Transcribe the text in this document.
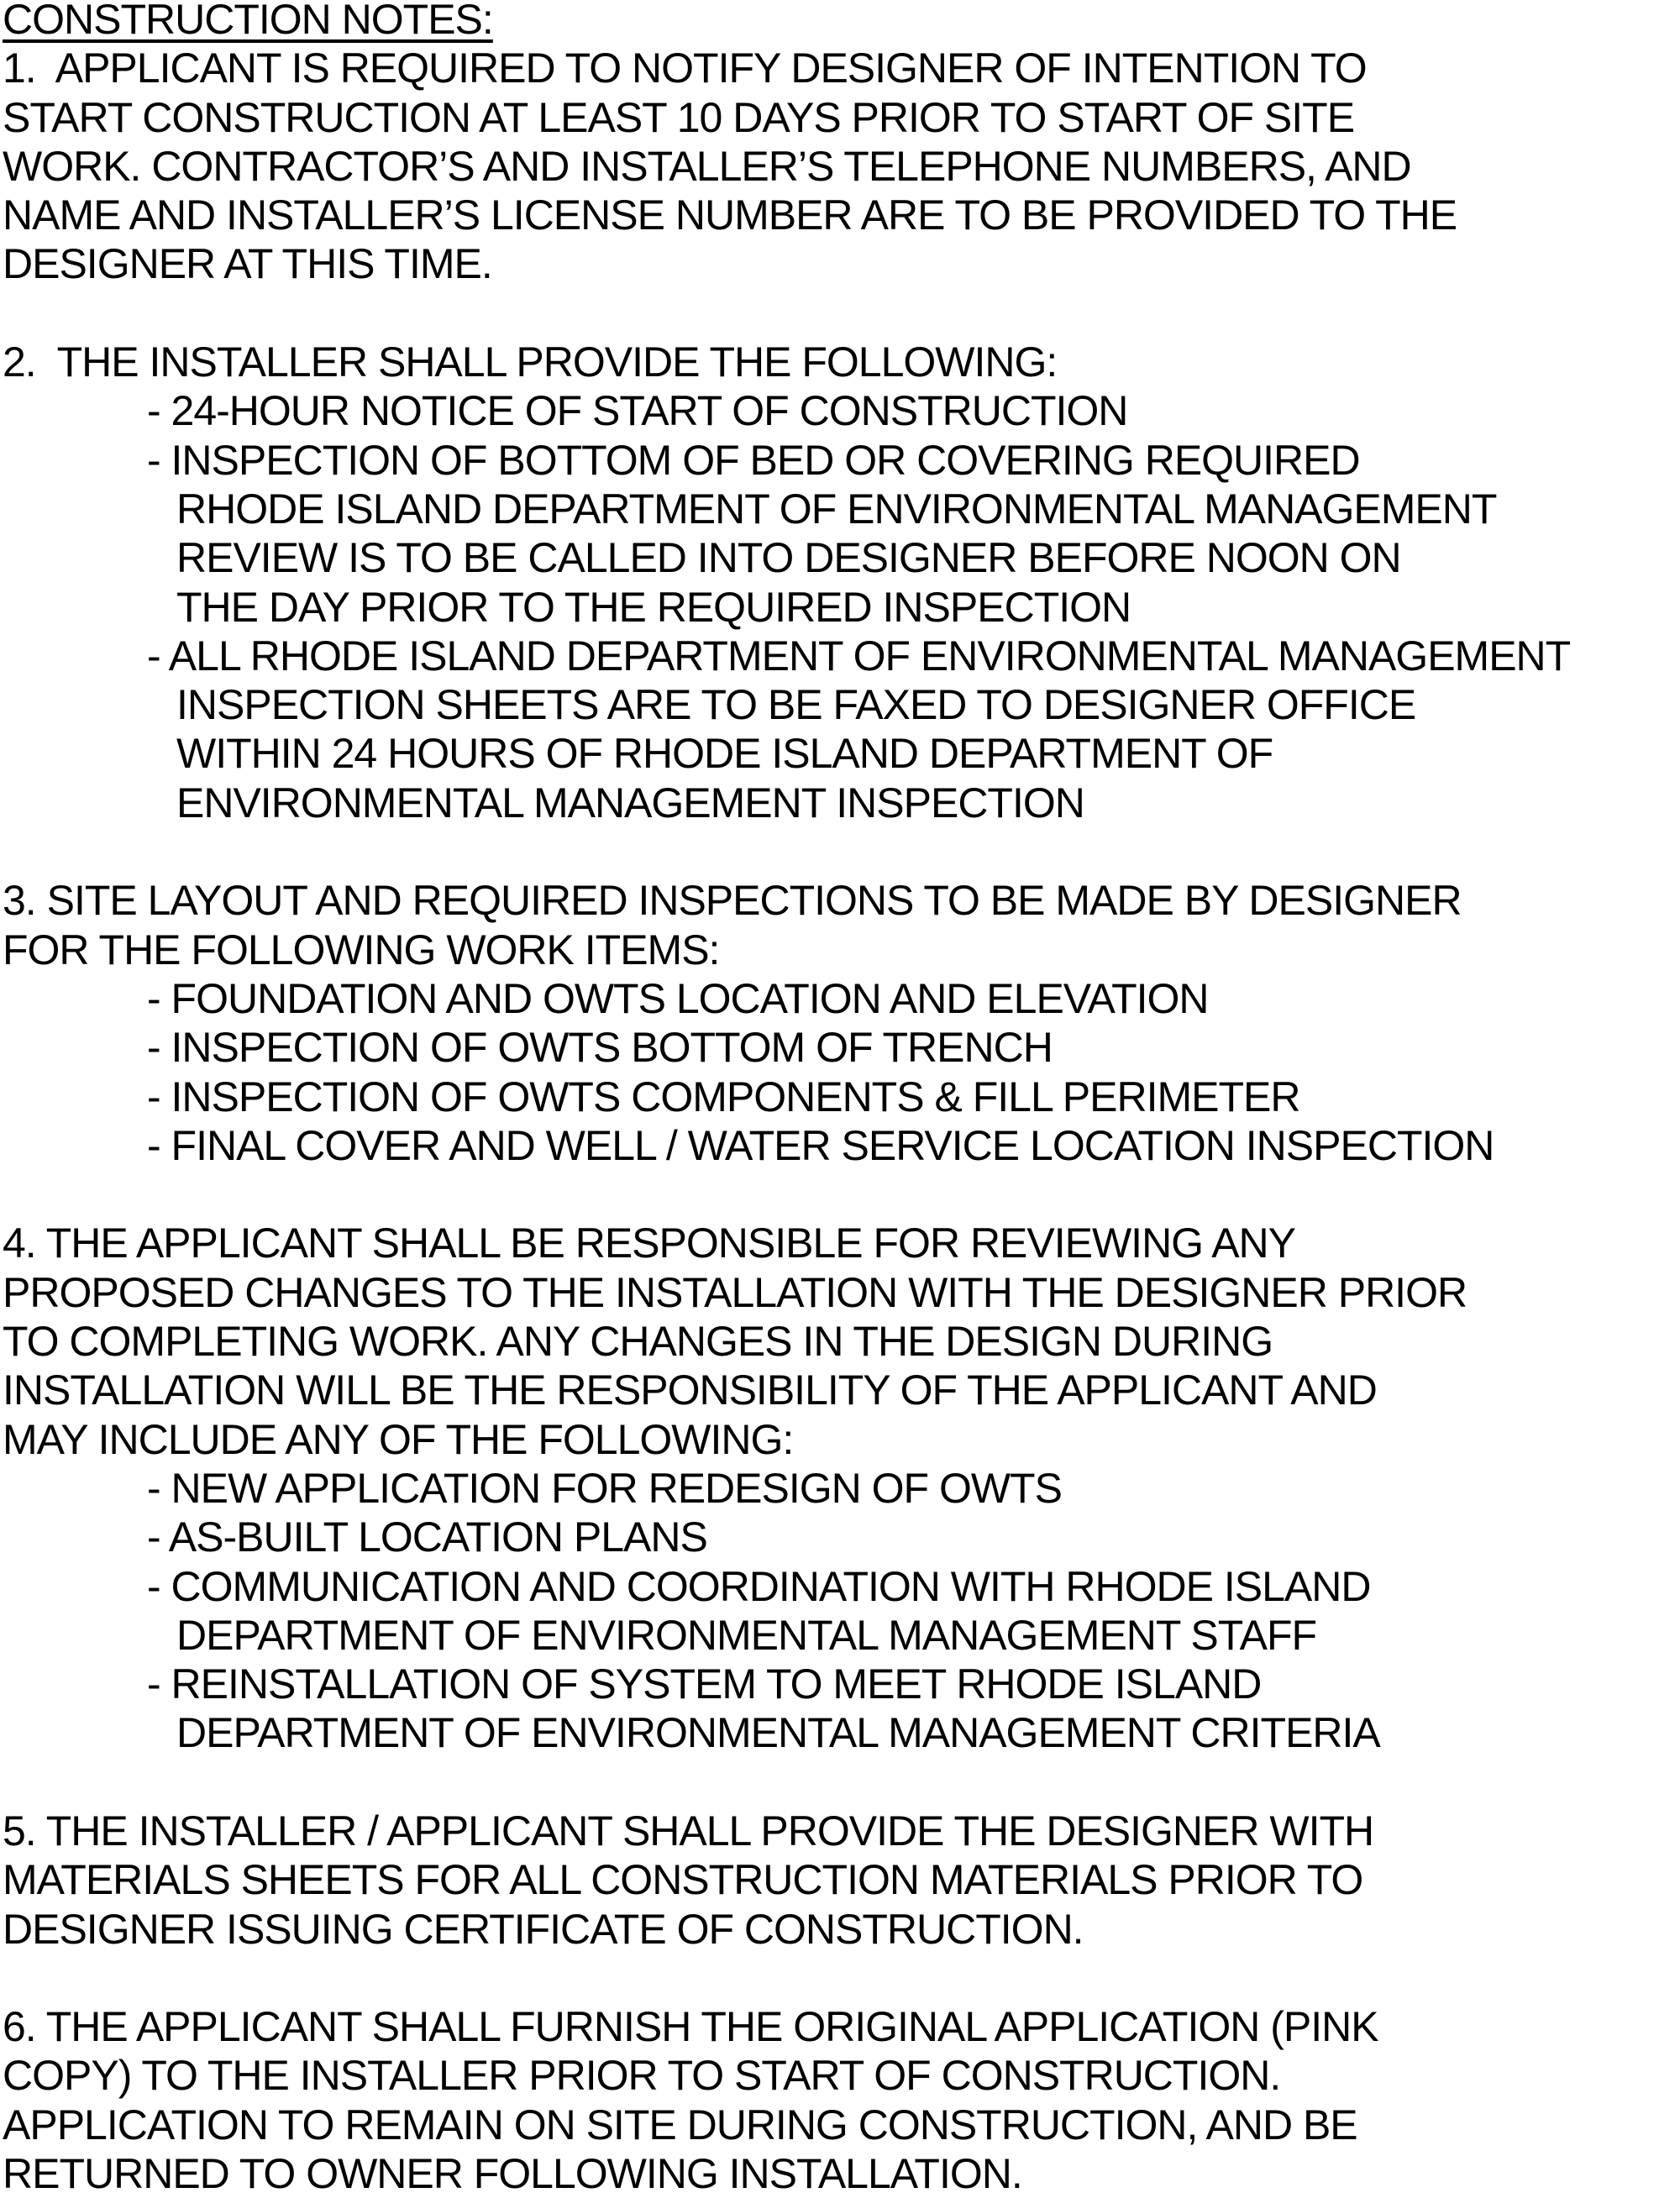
CONSTRUCTION NOTES:
1.  APPLICANT IS REQUIRED TO NOTIFY DESIGNER OF INTENTION TO
START CONSTRUCTION AT LEAST 10 DAYS PRIOR TO START OF SITE
WORK. CONTRACTOR’S AND INSTALLER’S TELEPHONE NUMBERS, AND
NAME AND INSTALLER’S LICENSE NUMBER ARE TO BE PROVIDED TO THE
DESIGNER AT THIS TIME.
2.  THE INSTALLER SHALL PROVIDE THE FOLLOWING:
- 24-HOUR NOTICE OF START OF CONSTRUCTION
- INSPECTION OF BOTTOM OF BED OR COVERING REQUIRED
RHODE ISLAND DEPARTMENT OF ENVIRONMENTAL MANAGEMENT
REVIEW IS TO BE CALLED INTO DESIGNER BEFORE NOON ON
THE DAY PRIOR TO THE REQUIRED INSPECTION
- ALL RHODE ISLAND DEPARTMENT OF ENVIRONMENTAL MANAGEMENT
INSPECTION SHEETS ARE TO BE FAXED TO DESIGNER OFFICE
WITHIN 24 HOURS OF RHODE ISLAND DEPARTMENT OF
ENVIRONMENTAL MANAGEMENT INSPECTION
3. SITE LAYOUT AND REQUIRED INSPECTIONS TO BE MADE BY DESIGNER
FOR THE FOLLOWING WORK ITEMS:
- FOUNDATION AND OWTS LOCATION AND ELEVATION
- INSPECTION OF OWTS BOTTOM OF TRENCH
- INSPECTION OF OWTS COMPONENTS & FILL PERIMETER
- FINAL COVER AND WELL / WATER SERVICE LOCATION INSPECTION
4. THE APPLICANT SHALL BE RESPONSIBLE FOR REVIEWING ANY
PROPOSED CHANGES TO THE INSTALLATION WITH THE DESIGNER PRIOR
TO COMPLETING WORK. ANY CHANGES IN THE DESIGN DURING
INSTALLATION WILL BE THE RESPONSIBILITY OF THE APPLICANT AND
MAY INCLUDE ANY OF THE FOLLOWING:
- NEW APPLICATION FOR REDESIGN OF OWTS
- AS-BUILT LOCATION PLANS
- COMMUNICATION AND COORDINATION WITH RHODE ISLAND
DEPARTMENT OF ENVIRONMENTAL MANAGEMENT STAFF
- REINSTALLATION OF SYSTEM TO MEET RHODE ISLAND
DEPARTMENT OF ENVIRONMENTAL MANAGEMENT CRITERIA
5. THE INSTALLER / APPLICANT SHALL PROVIDE THE DESIGNER WITH
MATERIALS SHEETS FOR ALL CONSTRUCTION MATERIALS PRIOR TO
DESIGNER ISSUING CERTIFICATE OF CONSTRUCTION.
6. THE APPLICANT SHALL FURNISH THE ORIGINAL APPLICATION (PINK
COPY) TO THE INSTALLER PRIOR TO START OF CONSTRUCTION.
APPLICATION TO REMAIN ON SITE DURING CONSTRUCTION, AND BE
RETURNED TO OWNER FOLLOWING INSTALLATION.
